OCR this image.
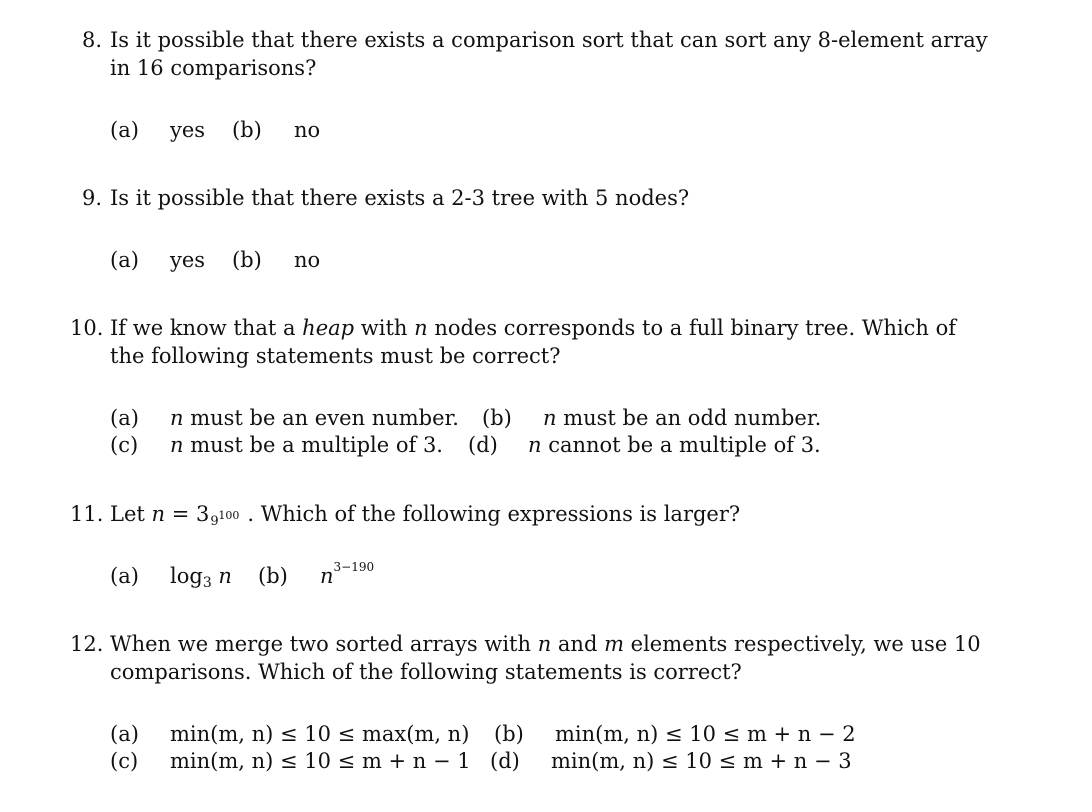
8. Is it possible that there exists a comparison sort that can sort any 8-element array
in 16 comparisons?
(a) yes (b) no
9. Is it possible that there exists a 2-3 tree with 5 nodes?
(a) yes (b) no
10. If we know that a heap with n nodes corresponds to a full binary tree. Which of
the following statements must be correct?
(a) n must be an even number. (b) n must be an odd number.
(c) n must be a multiple of 3. (d) n cannot be a multiple of 3.
11. Let n = 3 9 100 . Which of the following expressions is larger?
(a) $\log_3 n$ (b) $n^{3-190}$
12. When we merge two sorted arrays with n and m elements respectively, we use 10
comparisons. Which of the following statements is correct?
(a) min(m, n) ≤ 10 ≤ max(m, n) (b) min(m, n) ≤ 10 ≤ m + n − 2
(c) min(m, n) ≤ 10 ≤ m + n − 1 (d) min(m, n) ≤ 10 ≤ m + n − 3
